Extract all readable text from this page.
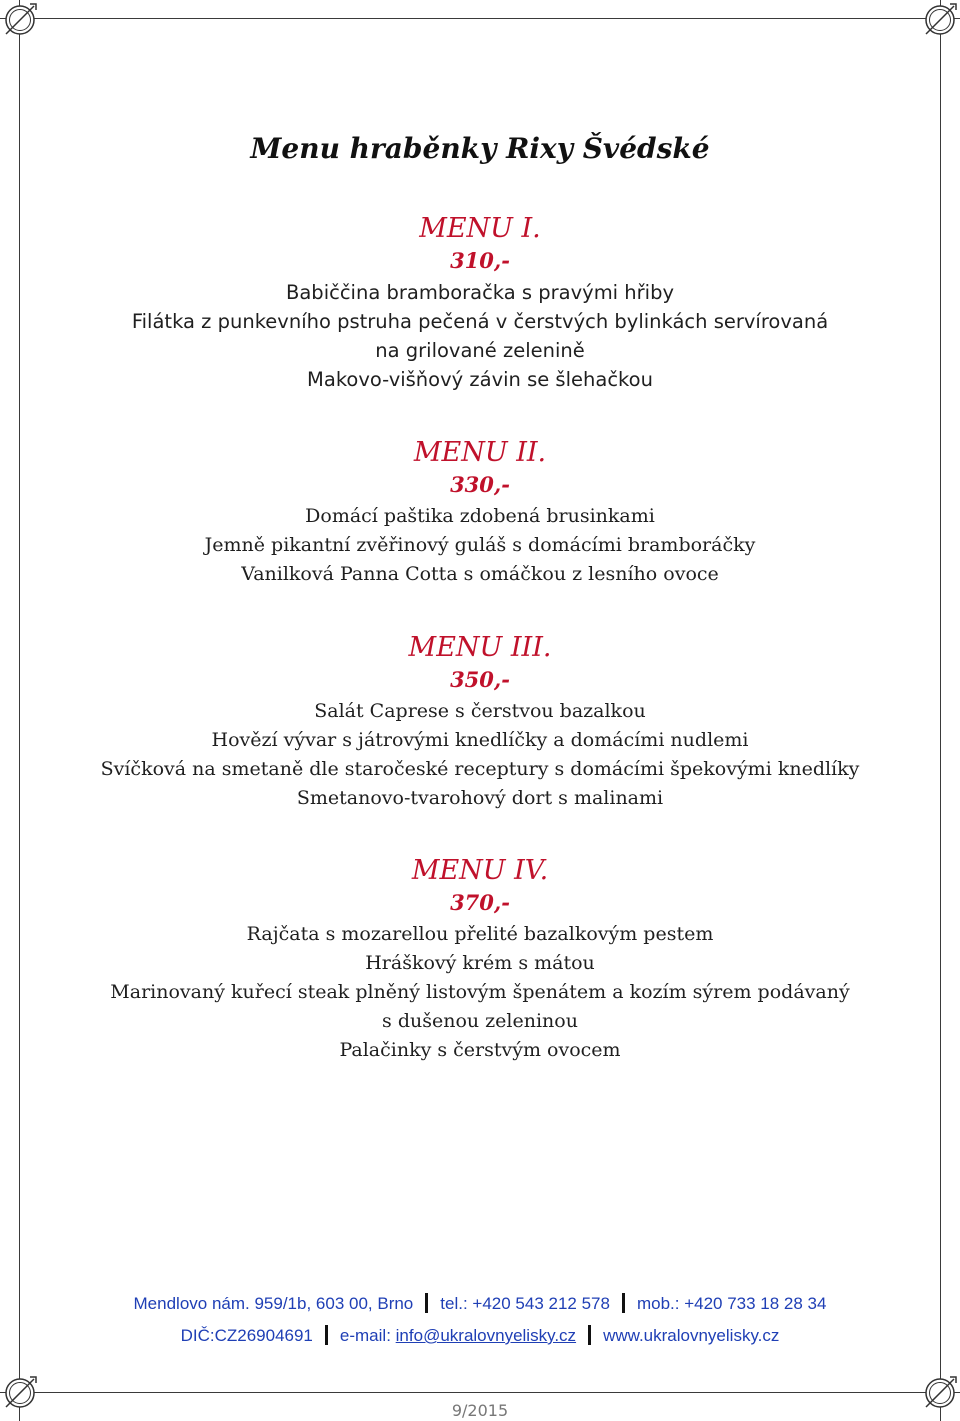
Menu hraběnky Rixy Švédské
MENU I.
310,-
Babiččina bramboračka s pravými hřiby
Filátka z punkevního pstruha pečená v čerstvých bylinkách servírovaná
na grilované zelenině
Makovo-višňový závin se šlehačkou
MENU II.
330,-
Domácí paštika zdobená brusinkami
Jemně pikantní zvěřinový guláš s domácími bramboráčky
Vanilková Panna Cotta s omáčkou z lesního ovoce
MENU III.
350,-
Salát Caprese s čerstvou bazalkou
Hovězí vývar s játrovými knedlíčky a domácími nudlemi
Svíčková na smetaně dle staročeské receptury s domácími špekovými knedlíky
Smetanovo-tvarohový dort s malinami
MENU IV.
370,-
Rajčata s mozarellou přelité bazalkovým pestem
Hráškový krém s mátou
Marinovaný kuřecí steak plněný listovým špenátem a kozím sýrem podávaný
s dušenou zeleninou
Palačinky s čerstvým ovocem
Mendlovo nám. 959/1b, 603 00, Brno tel.: +420 543 212 578 mob.: +420 733 18 28 34
DIČ:CZ26904691 e-mail: info@ukralovnyelisky.cz www.ukralovnyelisky.cz
9/2015
